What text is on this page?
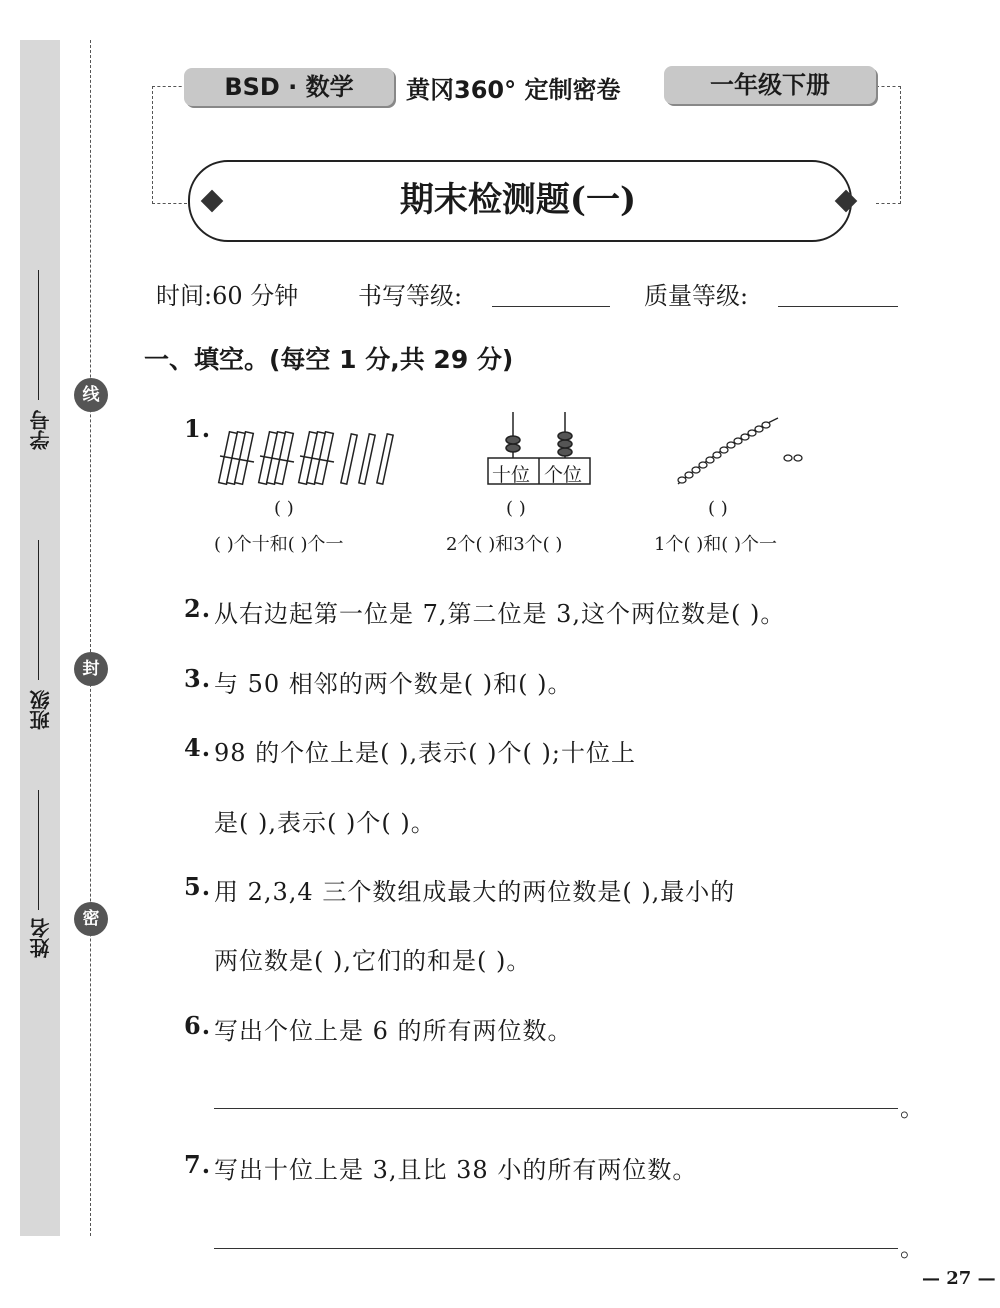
学号
班级
姓名
线
封
密
BSD · 数学	黄冈360° 定制密卷	一年级下册
期末检测题(一)
时间:60 分钟 书写等级:	质量等级:
一、填空。(每空 1 分,共 29 分)
1.
十位 个位
( )	( )	( )
( )个十和( )个一	2个( )和3个( )	1个( )和( )个一
2. 从右边起第一位是 7,第二位是 3,这个两位数是( )。
3. 与 50 相邻的两个数是( )和( )。
4. 98 的个位上是( ),表示( )个( );十位上
是( ),表示( )个( )。
5. 用 2,3,4 三个数组成最大的两位数是( ),最小的
两位数是( ),它们的和是( )。
6. 写出个位上是 6 的所有两位数。
。
7. 写出十位上是 3,且比 38 小的所有两位数。
。
— 27 —
